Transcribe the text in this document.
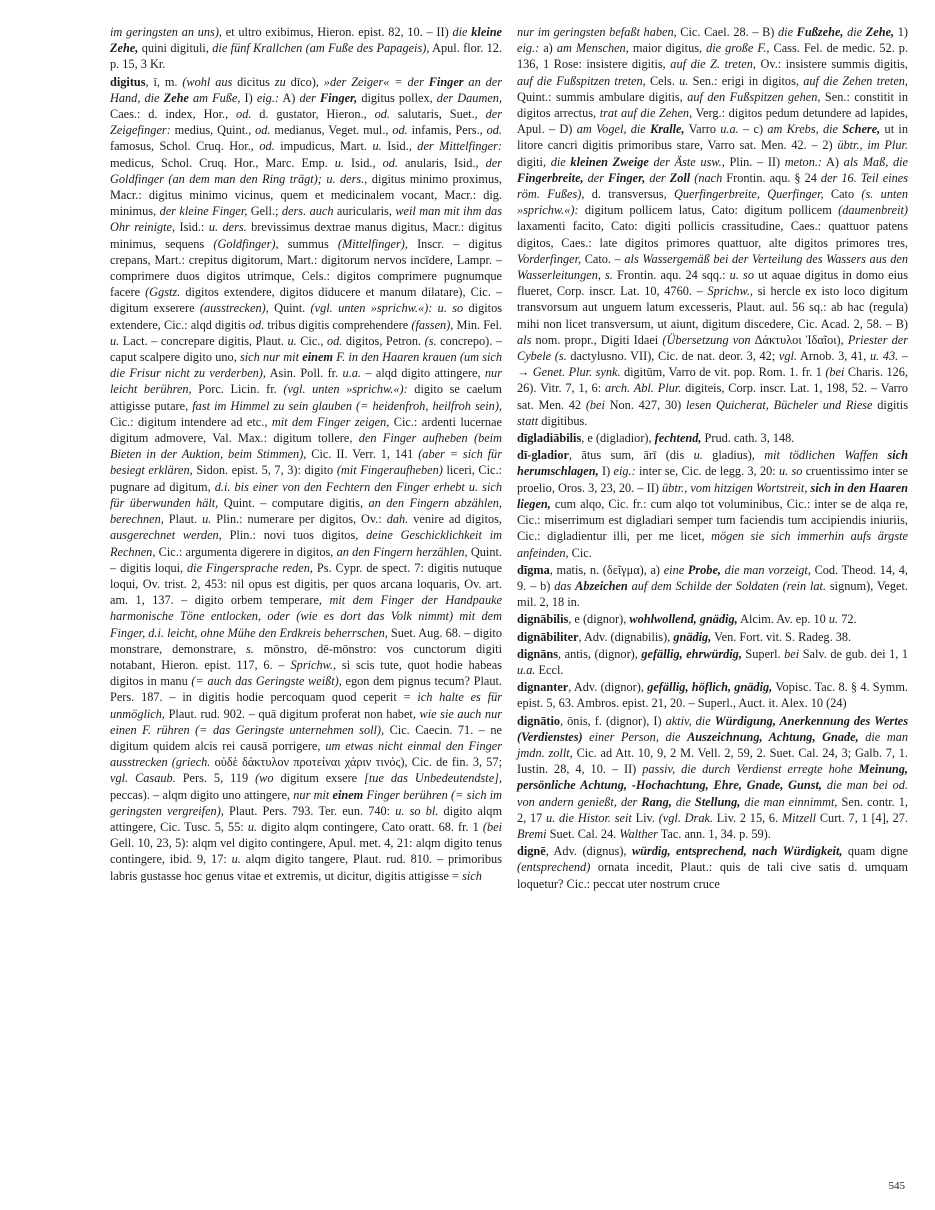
im geringsten an uns), et ultro exibimus, Hieron. epist. 82, 10. – II) die kleine Zehe, quini digituli, die fünf Krallchen (am Fuße des Papageis), Apul. flor. 12. p. 15, 3 Kr.
digitus, ī, m. (wohl aus dicitus zu dīco), »der Zeiger« = der Finger an der Hand, die Zehe am Fuße, I) eig.: A) der Finger, digitus pollex, der Daumen, Caes.: d. index, Hor., od. d. gustator, Hieron., od. salutaris, Suet., der Zeigefinger: medius, Quint., od. medianus, Veget. mul., od. infamis, Pers., od. famosus, Schol. Cruq. Hor., od. impudicus, Mart. u. Isid., der Mittelfinger: medicus, Schol. Cruq. Hor., Marc. Emp. u. Isid., od. anularis, Isid., der Goldfinger (an dem man den Ring trägt); u. ders., digitus minimo proximus, Macr.: digitus minimo vicinus, quem et medicinalem vocant, Macr.: dig. minimus, der kleine Finger, Gell.; ders. auch auricularis, weil man mit ihm das Ohr reinigte, Isid.: u. ders. brevissimus dextrae manus digitus, Macr.: digitus minimus, sequens (Goldfinger), summus (Mittelfinger), Inscr. – digitus crepans, Mart.: crepitus digitorum, Mart.: digitorum nervos incīdere, Lampr. – comprimere duos digitos utrimque, Cels.: digitos comprimere pugnumque facere (Ggstz. digitos extendere, digitos diducere et manum dilatare), Cic. – digitum exserere (ausstrecken), Quint. (vgl. unten »sprichw.«): u. so digitos extendere, Cic.: alqd digitis od. tribus digitis comprehendere (fassen), Min. Fel. u. Lact. – concrepare digitis, Plaut. u. Cic., od. digitos, Petron. (s. concrepo). – caput scalpere digito uno, sich nur mit einem F. in den Haaren krauen (um sich die Frisur nicht zu verderben), Asin. Poll. fr. u.a. – alqd digito attingere, nur leicht berühren, Porc. Licin. fr. (vgl. unten »sprichw.«): digito se caelum attigisse putare, fast im Himmel zu sein glauben (= heidenfroh, heilfroh sein), Cic.: digitum intendere ad etc., mit dem Finger zeigen, Cic.: ardenti lucernae digitum admovere, Val. Max.: digitum tollere, den Finger aufheben (beim Bieten in der Auktion, beim Stimmen), Cic. II. Verr. 1, 141 (aber = sich für besiegt erklären, Sidon. epist. 5, 7, 3): digito (mit Fingeraufheben) liceri, Cic.: pugnare ad digitum, d.i. bis einer von den Fechtern den Finger erhebt u. sich für überwunden hält, Quint. – computare digitis, an den Fingern abzählen, berechnen, Plaut. u. Plin.: numerare per digitos, Ov.: dah. venire ad digitos, ausgerechnet werden, Plin.: novi tuos digitos, deine Geschicklichkeit im Rechnen, Cic.: argumenta digerere in digitos, an den Fingern herzählen, Quint. – digitis loqui, die Fingersprache reden, Ps. Cypr. de spect. 7: digitis nutuque loqui, Ov. trist. 2, 453: nil opus est digitis, per quos arcana loquaris, Ov. art. am. 1, 137. – digito orbem temperare, mit dem Finger der Handpauke harmonische Töne entlocken, oder (wie es dort das Volk nimmt) mit dem Finger, d.i. leicht, ohne Mühe den Erdkreis beherrschen, Suet. Aug. 68. – digito monstrare, demonstrare, s. mōnstro, dē-mōnstro: vos cunctorum digiti notabant, Hieron. epist. 117, 6. – Sprichw., si scis tute, quot hodie habeas digitos in manu (= auch das Geringste weißt), egon dem pignus tecum? Plaut. Pers. 187. – in digitis hodie percoquam quod ceperit = ich halte es für unmöglich, Plaut. rud. 902. – quā digitum proferat non habet, wie sie auch nur einen F. rühren (= das Geringste unternehmen soll), Cic. Caecin. 71. – ne digitum quidem alcis rei causā porrigere, um etwas nicht einmal den Finger ausstrecken (griech. οὐδὲ δάκτυλον προτείναι χάριν τινός), Cic. de fin. 3, 57; vgl. Casaub. Pers. 5, 119 (wo digitum exsere [tue das Unbedeutendste], peccas). – alqm digito uno attingere, nur mit einem Finger berühren (= sich im geringsten vergreifen), Plaut. Pers. 793. Ter. eun. 740: u. so bl. digito alqm attingere, Cic. Tusc. 5, 55: u. digito alqm contingere, Cato oratt. 68. fr. 1 (bei Gell. 10, 23, 5): alqm vel digito contingere, Apul. met. 4, 21: alqm digito tenus contingere, ibid. 9, 17: u. alqm digito tangere, Plaut. rud. 810. – primoribus labris gustasse hoc genus vitae et extremis, ut dicitur, digitis attigisse = sich
nur im geringsten befaßt haben, Cic. Cael. 28. – B) die Fußzehe, die Zehe, 1) eig.: a) am Menschen, maior digitus, die große F., Cass. Fel. de medic. 52. p. 136, 1 Rose: insistere digitis, auf die Z. treten, Ov.: insistere summis digitis, auf die Fußspitzen treten, Cels. u. Sen.: erigi in digitos, auf die Zehen treten, Quint.: summis ambulare digitis, auf den Fußspitzen gehen, Sen.: constitit in digitos arrectus, trat auf die Zehen, Verg.: digitos pedum detundere ad lapides, Apul. – D) am Vogel, die Kralle, Varro u.a. – c) am Krebs, die Schere, ut in litore cancri digitis primoribus stare, Varro sat. Men. 42. – 2) übtr., im Plur. digiti, die kleinen Zweige der Äste usw., Plin. – II) meton.: A) als Maß, die Fingerbreite, der Finger, der Zoll (nach Frontin. aqu. § 24 der 16. Teil eines röm. Fußes), d. transversus, Querfingerbreite, Querfinger, Cato (s. unten »sprichw.«): digitum pollicem latus, Cato: digitum pollicem (daumenbreit) laxamenti facito, Cato: digiti pollicis crassitudine, Caes.: quattuor patens digitos, Caes.: late digitos primores quattuor, alte digitos primores tres, Vorderfinger, Cato. – als Wassergemäß bei der Verteilung des Wassers aus den Wasserleitungen, s. Frontin. aqu. 24 sqq.: u. so ut aquae digitus in domo eius flueret, Corp. inscr. Lat. 10, 4760. – Sprichw., si hercle ex isto loco digitum transvorsum aut unguem latum excesseris, Plaut. aul. 56 sq.: ab hac (regula) mihi non licet transversum, ut aiunt, digitum discedere, Cic. Acad. 2, 58. – B) als nom. propr., Digiti Idaei (Übersetzung von Δάκτυλοι Ἰδαῖοι), Priester der Cybele (s. dactylusno. VII), Cic. de nat. deor. 3, 42; vgl. Arnob. 3, 41, u. 43. – → Genet. Plur. synk. digitūm, Varro de vit. pop. Rom. 1. fr. 1 (bei Charis. 126, 26). Vitr. 7, 1, 6: arch. Abl. Plur. digiteis, Corp. inscr. Lat. 1, 198, 52. – Varro sat. Men. 42 (bei Non. 427, 30) lesen Quicherat, Bücheler und Riese digitis statt digitibus.
dīgladiābilis, e (digladior), fechtend, Prud. cath. 3, 148.
dī-gladior, ātus sum, ārī (dis u. gladius), mit tödlichen Waffen sich herumschlagen, I) eig.: inter se, Cic. de legg. 3, 20: u. so cruentissimo inter se proelio, Oros. 3, 23, 20. – II) übtr., vom hitzigen Wortstreit, sich in den Haaren liegen, cum alqo, Cic. fr.: cum alqo tot voluminibus, Cic.: inter se de alqa re, Cic.: miserrimum est digladiari semper tum faciendis tum accipiendis iniuriis, Cic.: digladientur illi, per me licet, mögen sie sich immerhin aufs ärgste anfeinden, Cic.
dīgma, matis, n. (δεῖγμα), a) eine Probe, die man vorzeigt, Cod. Theod. 14, 4, 9. – b) das Abzeichen auf dem Schilde der Soldaten (rein lat. signum), Veget. mil. 2, 18 in.
dignābilis, e (dignor), wohlwollend, gnädig, Alcim. Av. ep. 10 u. 72.
dignābiliter, Adv. (dignabilis), gnädig, Ven. Fort. vit. S. Radeg. 38.
dignāns, antis, (dignor), gefällig, ehrwürdig, Superl. bei Salv. de gub. dei 1, 1 u.a. Eccl.
dignanter, Adv. (dignor), gefällig, höflich, gnädig, Vopisc. Tac. 8. § 4. Symm. epist. 5, 63. Ambros. epist. 21, 20. – Superl., Auct. it. Alex. 10 (24)
dignātio, ōnis, f. (dignor), I) aktiv, die Würdigung, Anerkennung des Wertes (Verdienstes) einer Person, die Auszeichnung, Achtung, Gnade, die man jmdn. zollt, Cic. ad Att. 10, 9, 2 M. Vell. 2, 59, 2. Suet. Cal. 24, 3; Galb. 7, 1. Iustin. 28, 4, 10. – II) passiv, die durch Verdienst erregte hohe Meinung, persönliche Achtung, -Hochachtung, Ehre, Gnade, Gunst, die man bei od. von andern genießt, der Rang, die Stellung, die man einnimmt, Sen. contr. 1, 2, 17 u. die Histor. seit Liv. (vgl. Drak. Liv. 2 15, 6. Mitzell Curt. 7, 1 [4], 27. Bremi Suet. Cal. 24. Walther Tac. ann. 1, 34. p. 59).
dignē, Adv. (dignus), würdig, entsprechend, nach Würdigkeit, quam digne (entsprechend) ornata incedit, Plaut.: quis de tali cive satis d. umquam loquetur? Cic.: peccat uter nostrum cruce
545
